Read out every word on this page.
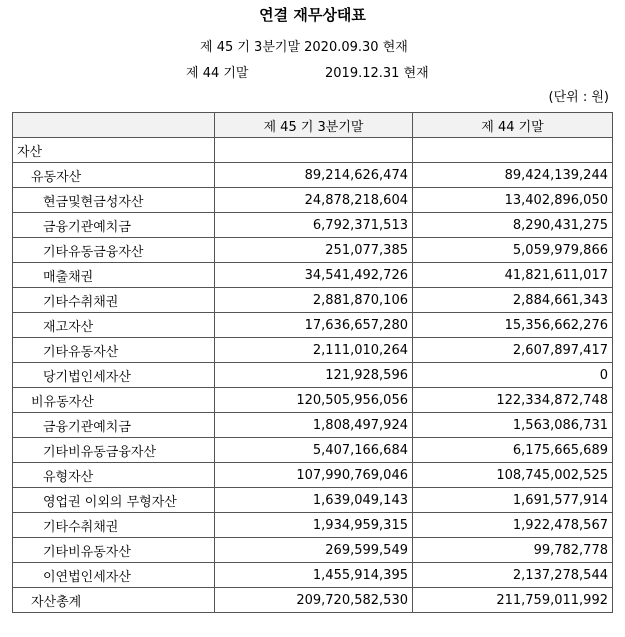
연결 재무상태표
제 45 기 3분기말 2020.09.30 현재
제 44 기말	2019.12.31 현재
(단위 : 원)
	제 45 기 3분기말	제 44 기말
자산		
유동자산	89,214,626,474	89,424,139,244
현금및현금성자산	24,878,218,604	13,402,896,050
금융기관예치금	6,792,371,513	8,290,431,275
기타유동금융자산	251,077,385	5,059,979,866
매출채권	34,541,492,726	41,821,611,017
기타수취채권	2,881,870,106	2,884,661,343
재고자산	17,636,657,280	15,356,662,276
기타유동자산	2,111,010,264	2,607,897,417
당기법인세자산	121,928,596	0
비유동자산	120,505,956,056	122,334,872,748
금융기관예치금	1,808,497,924	1,563,086,731
기타비유동금융자산	5,407,166,684	6,175,665,689
유형자산	107,990,769,046	108,745,002,525
영업권 이외의 무형자산	1,639,049,143	1,691,577,914
기타수취채권	1,934,959,315	1,922,478,567
기타비유동자산	269,599,549	99,782,778
이연법인세자산	1,455,914,395	2,137,278,544
자산총계	209,720,582,530	211,759,011,992
